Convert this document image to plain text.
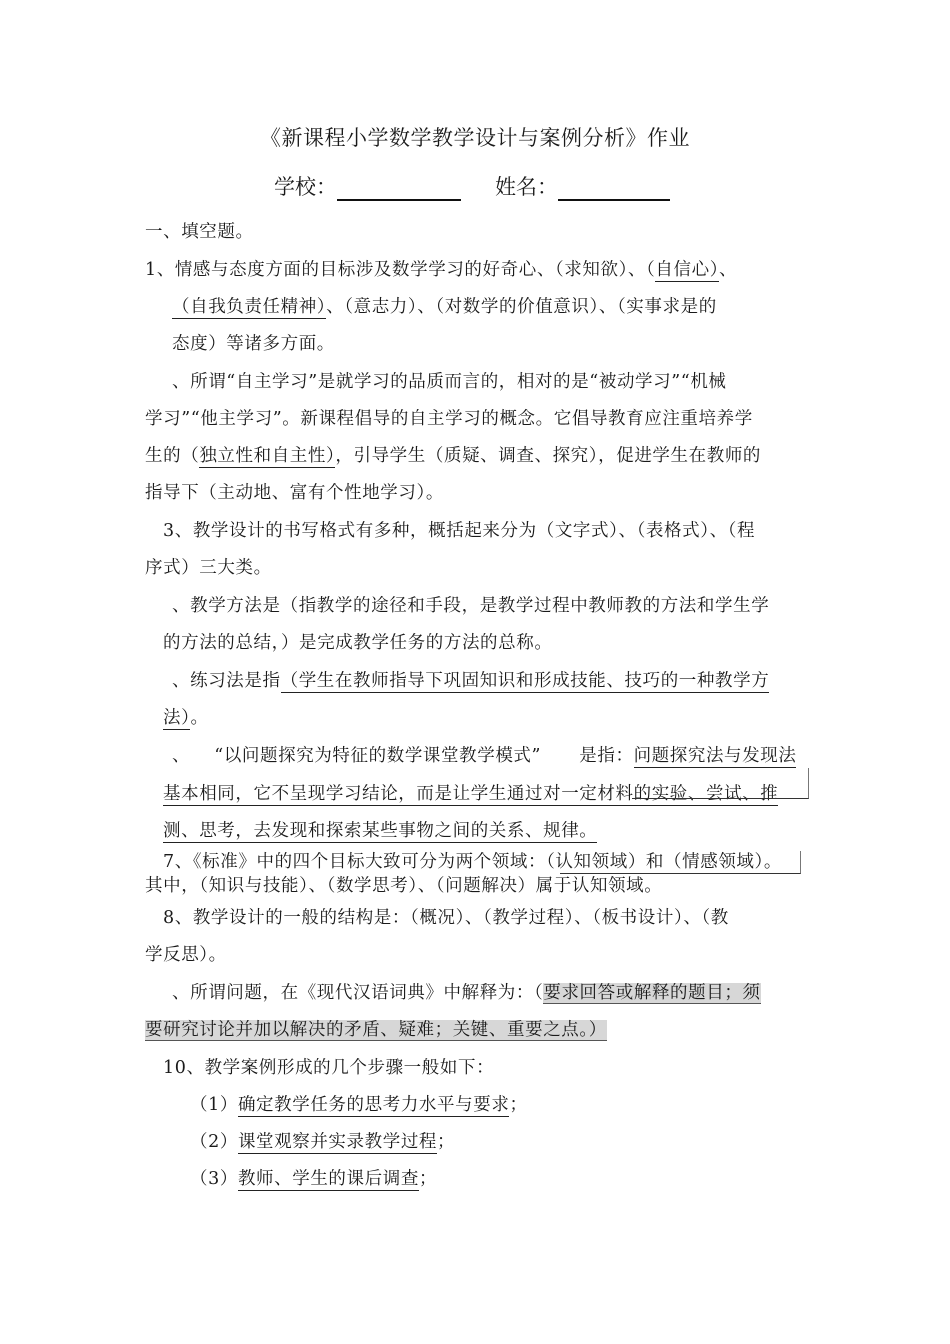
《新课程小学数学教学设计与案例分析》作业
学校：	姓名：
一、填空题。
1、情感与态度方面的目标涉及数学学习的好奇心、（求知欲）、（自信心）、
（自我负责任精神）、（意志力）、（对数学的价值意识）、（实事求是的
态度）等诸多方面。
、所谓“自主学习”是就学习的品质而言的，相对的是“被动学习”“机械
学习”“他主学习”。新课程倡导的自主学习的概念。它倡导教育应注重培养学
生的（独立性和自主性），引导学生（质疑、调查、探究），促进学生在教师的
指导下（主动地、富有个性地学习）。
3、教学设计的书写格式有多种，概括起来分为（文字式）、（表格式）、（程
序式）三大类。
、教学方法是（指教学的途径和手段，是教学过程中教师教的方法和学生学
的方法的总结，）是完成教学任务的方法的总称。
、练习法是指（学生在教师指导下巩固知识和形成技能、技巧的一种教学方
法）。
、 “以问题探究为特征的数学课堂教学模式” 是指：问题探究法与发现法
基本相同，它不呈现学习结论，而是让学生通过对一定材料的实验、尝试、推
测、思考，去发现和探索某些事物之间的关系、规律。
7、《标准》中的四个目标大致可分为两个领域：（认知领域）和（情感领域）。
其中，（知识与技能）、（数学思考）、（问题解决）属于认知领域。
8、教学设计的一般的结构是：（概况）、（教学过程）、（板书设计）、（教
学反思）。
、所谓问题，在《现代汉语词典》中解释为：（要求回答或解释的题目；须
要研究讨论并加以解决的矛盾、疑难；关键、重要之点。）
10、教学案例形成的几个步骤一般如下：
（1）确定教学任务的思考力水平与要求；
（2）课堂观察并实录教学过程；
（3）教师、学生的课后调查；
